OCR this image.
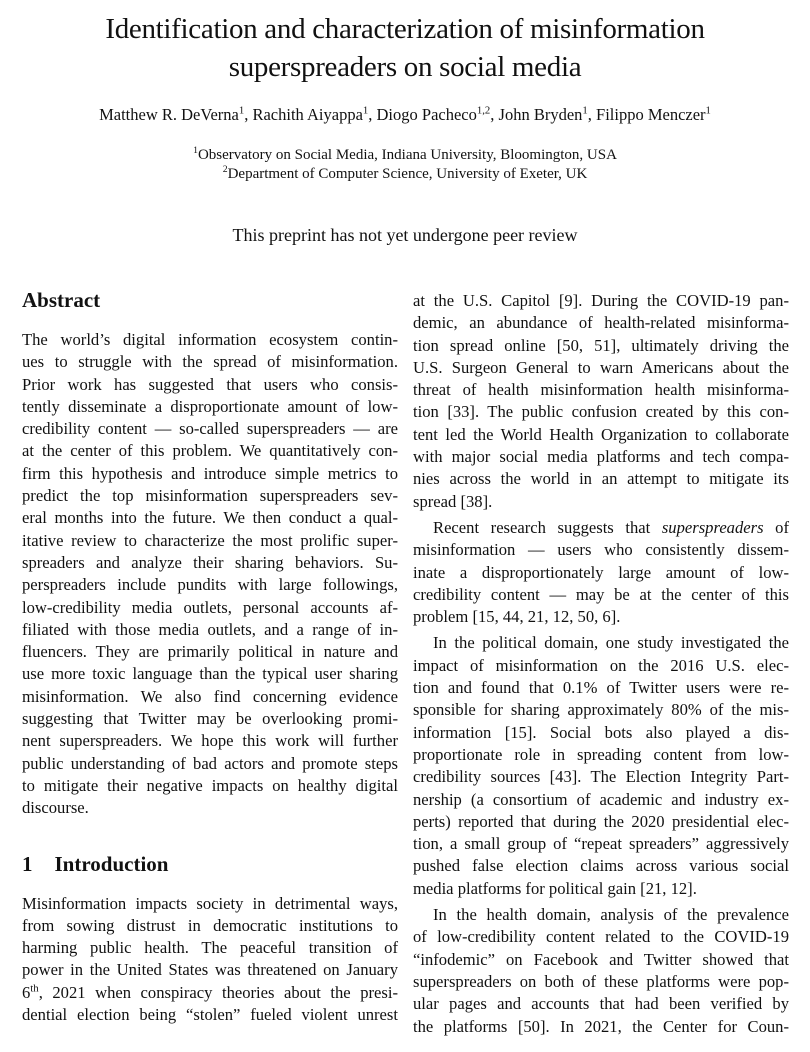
Identification and characterization of misinformation
superspreaders on social media
Matthew R. DeVerna$^1$, Rachith Aiyappa$^1$, Diogo Pacheco$^{1,2}$, John Bryden$^1$, Filippo Menczer$^1$
$^1$Observatory on Social Media, Indiana University, Bloomington, USA
$^2$Department of Computer Science, University of Exeter, UK
This preprint has not yet undergone peer review
Abstract
The world’s digital information ecosystem contin-
ues to struggle with the spread of misinformation.
Prior work has suggested that users who consis-
tently disseminate a disproportionate amount of low-
credibility content — so-called superspreaders — are
at the center of this problem. We quantitatively con-
firm this hypothesis and introduce simple metrics to
predict the top misinformation superspreaders sev-
eral months into the future. We then conduct a qual-
itative review to characterize the most prolific super-
spreaders and analyze their sharing behaviors. Su-
perspreaders include pundits with large followings,
low-credibility media outlets, personal accounts af-
filiated with those media outlets, and a range of in-
fluencers. They are primarily political in nature and
use more toxic language than the typical user sharing
misinformation. We also find concerning evidence
suggesting that Twitter may be overlooking promi-
nent superspreaders. We hope this work will further
public understanding of bad actors and promote steps
to mitigate their negative impacts on healthy digital
discourse.
1 Introduction
Misinformation impacts society in detrimental ways,
from sowing distrust in democratic institutions to
harming public health. The peaceful transition of
power in the United States was threatened on January
6th, 2021 when conspiracy theories about the presi-
dential election being “stolen” fueled violent unrest
at the U.S. Capitol [9]. During the COVID-19 pan-
demic, an abundance of health-related misinforma-
tion spread online [50, 51], ultimately driving the
U.S. Surgeon General to warn Americans about the
threat of health misinformation health misinforma-
tion [33]. The public confusion created by this con-
tent led the World Health Organization to collaborate
with major social media platforms and tech compa-
nies across the world in an attempt to mitigate its
spread [38].
Recent research suggests that superspreaders of
misinformation — users who consistently dissem-
inate a disproportionately large amount of low-
credibility content — may be at the center of this
problem [15, 44, 21, 12, 50, 6].
In the political domain, one study investigated the
impact of misinformation on the 2016 U.S. elec-
tion and found that 0.1% of Twitter users were re-
sponsible for sharing approximately 80% of the mis-
information [15]. Social bots also played a dis-
proportionate role in spreading content from low-
credibility sources [43]. The Election Integrity Part-
nership (a consortium of academic and industry ex-
perts) reported that during the 2020 presidential elec-
tion, a small group of “repeat spreaders” aggressively
pushed false election claims across various social
media platforms for political gain [21, 12].
In the health domain, analysis of the prevalence
of low-credibility content related to the COVID-19
“infodemic” on Facebook and Twitter showed that
superspreaders on both of these platforms were pop-
ular pages and accounts that had been verified by
the platforms [50]. In 2021, the Center for Coun-
